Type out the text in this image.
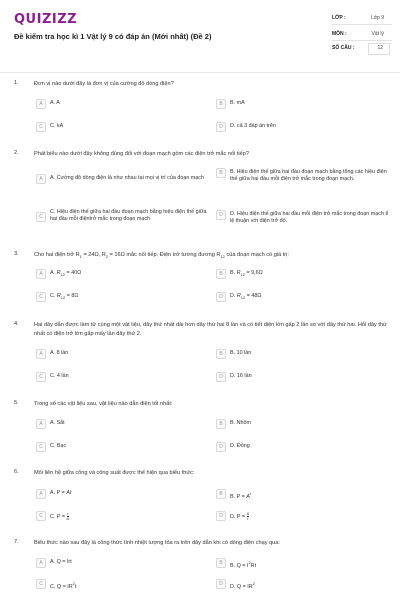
QUIZIZZ
Đề kiểm tra học kì 1 Vật lý 9 có đáp án (Mới nhất) (Đề 2)
LỚP :	Lớp 9
MÔN :	Vật lý
SỐ CÂU :	12
1.	Đơn vị nào dưới đây là đơn vị của cường độ dòng điện?
A	A. A	B	B. mA
C	C. kA	D	D. cả 3 đáp án trên
2.	Phát biểu nào dưới đây không đúng đối với đoạn mạch gồm các điện trở mắc nối tiếp?
A	A. Cường độ dòng điện là như nhau tại mọi vị trí của đoạn mạch
B	B. Hiệu điện thế giữa hai đầu đoạn mạch bằng tổng các hiệu điện thế giữa hai đầu mỗi điện trở mắc trong đoạn mạch.
C
C. Hiệu điện thế giữa hai đầu đoạn mạch bằng hiệu điện thế giữa hai đầu mỗi điệntrở mắc trong đoạn mạch
D	D. Hiệu điện thế giữa hai đầu mỗi điện trở mắc trong đoạn mạch tỉ lệ thuận với điện trở đó.
3.	Cho hai điện trở $R_1 = 24\Omega$, $R_2 = 16\Omega$ mắc nối tiếp. Điện trở tương đương $R_{12}$ của đoạn mạch có giá trị:
A	A. $R_{12} = 40\Omega$	B	B. $R_{12} = 9,6\Omega$
C	C. $R_{12} = 8\Omega$	D	D. $R_{12} = 48\Omega$
4.	Hai dây dẫn được làm từ cùng một vật liệu, dây thứ nhất dài hơn dây thứ hai 8 lần và có tiết diện lớn gấp 2 lần so với dây thứ hai. Hỏi dây thứ nhất có điện trở lớn gấp mấy lần dây thứ 2.
A	A. 8 lần	B	B. 10 lần
C	C. 4 lần	D	D. 16 lần
5.	Trong số các vật liệu sau, vật liệu nào dẫn điện tốt nhất:
A	A. Sắt	B	B. Nhôm
C	C. Bạc	D	D. Đồng
6.	Mối liên hệ giữa công và công suất được thể hiện qua biểu thức:
A	A. P = At	B	B. $P = A^t$
C	C. $P = \frac{t}{A}$	D	D. $P = \frac{A}{t}$
7.	Biểu thức nào sau đây là công thức tính nhiệt lượng tỏa ra trên dây dẫn khi có dòng điện chạy qua:
A	A. Q = Irt	B	B. $Q = I^2Rt$
C	C. $Q = IR^2t$	D	D. $Q = IR^2$
